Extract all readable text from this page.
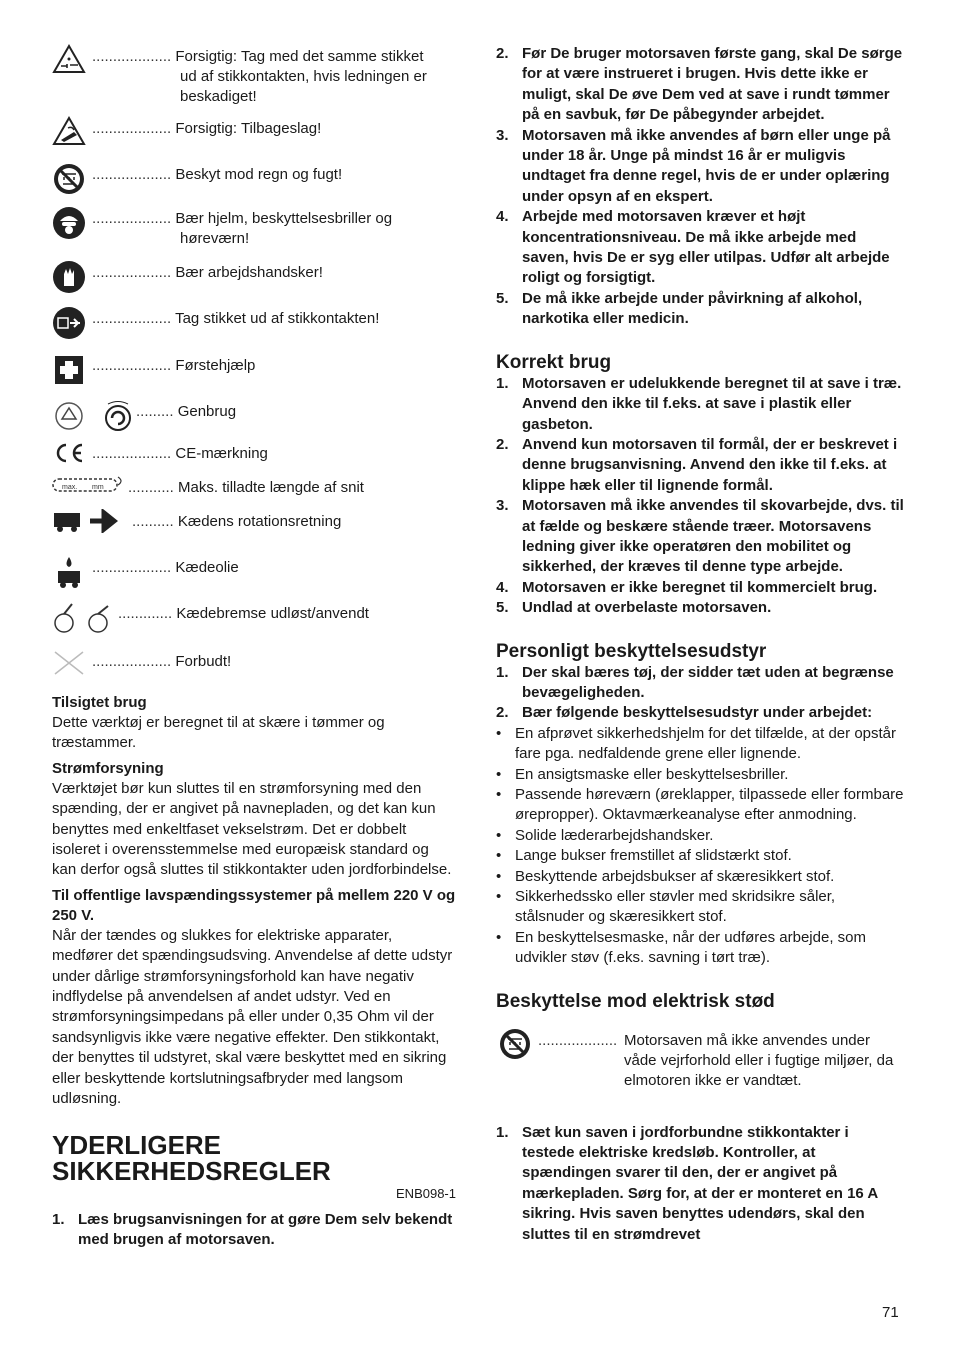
................... Forsigtig: Tag med det samme stikket
ud af stikkontakten, hvis ledningen er beskadiget!
................... Forsigtig: Tilbageslag!
................... Beskyt mod regn og fugt!
................... Bær hjelm, beskyttelsesbriller og
høreværn!
................... Bær arbejdshandsker!
................... Tag stikket ud af stikkontakten!
................... Førstehjælp
......... Genbrug
................... CE-mærkning
max. mm ........... Maks. tilladte længde af snit
.......... Kædens rotationsretning
................... Kædeolie
............. Kædebremse udløst/anvendt
................... Forbudt!

Tilsigtet brug

Dette værktøj er beregnet til at skære i tømmer og træstammer.

Strømforsyning

Værktøjet bør kun sluttes til en strømforsyning med den spænding, der er angivet på navnepladen, og det kan kun benyttes med enkeltfaset vekselstrøm. Det er dobbelt isoleret i overensstemmelse med europæisk standard og kan derfor også sluttes til stikkontakter uden jordforbindelse.

Til offentlige lavspændingssystemer på mellem 220 V og 250 V.

Når der tændes og slukkes for elektriske apparater, medfører det spændingsudsving. Anvendelse af dette udstyr under dårlige strømforsyningsforhold kan have negativ indflydelse på anvendelsen af andet udstyr. Ved en strømforsyningsimpedans på eller under 0,35 Ohm vil der sandsynligvis ikke være negative effekter. Den stikkontakt, der benyttes til udstyret, skal være beskyttet med en sikring eller beskyttende kortslutningsafbryder med langsom udløsning.

YDERLIGERE

SIKKERHEDSREGLER

ENB098-1

1. Læs brugsanvisningen for at gøre Dem selv bekendt med brugen af motorsaven.
2. Før De bruger motorsaven første gang, skal De sørge for at være instrueret i brugen. Hvis dette ikke er muligt, skal De øve Dem ved at save i rundt tømmer på en savbuk, før De påbegynder arbejdet.
3. Motorsaven må ikke anvendes af børn eller unge på under 18 år. Unge på mindst 16 år er muligvis undtaget fra denne regel, hvis de er under oplæring under opsyn af en ekspert.
4. Arbejde med motorsaven kræver et højt koncentrationsniveau. De må ikke arbejde med saven, hvis De er syg eller utilpas. Udfør alt arbejde roligt og forsigtigt.
5. De må ikke arbejde under påvirkning af alkohol, narkotika eller medicin.
Korrekt brug
1. Motorsaven er udelukkende beregnet til at save i træ. Anvend den ikke til f.eks. at save i plastik eller gasbeton.
2. Anvend kun motorsaven til formål, der er beskrevet i denne brugsanvisning. Anvend den ikke til f.eks. at klippe hæk eller til lignende formål.
3. Motorsaven må ikke anvendes til skovarbejde, dvs. til at fælde og beskære stående træer. Motorsavens ledning giver ikke operatøren den mobilitet og sikkerhed, der kræves til denne type arbejde.
4. Motorsaven er ikke beregnet til kommercielt brug.
5. Undlad at overbelaste motorsaven.
Personligt beskyttelsesudstyr
1. Der skal bæres tøj, der sidder tæt uden at begrænse bevægeligheden.
2. Bær følgende beskyttelsesudstyr under arbejdet:
• En afprøvet sikkerhedshjelm for det tilfælde, at der opstår fare pga. nedfaldende grene eller lignende.
• En ansigtsmaske eller beskyttelsesbriller.
• Passende høreværn (øreklapper, tilpassede eller formbare ørepropper). Oktavmærkeanalyse efter anmodning.
• Solide læderarbejdshandsker.
• Lange bukser fremstillet af slidstærkt stof.
• Beskyttende arbejdsbukser af skæresikkert stof.
• Sikkerhedssko eller støvler med skridsikre såler, stålsnuder og skæresikkert stof.
• En beskyttelsesmaske, når der udføres arbejde, som udvikler støv (f.eks. savning i tørt træ).
Beskyttelse mod elektrisk stød
................... Motorsaven må ikke anvendes under våde vejrforhold eller i fugtige miljøer, da elmotoren ikke er vandtæt.

1. Sæt kun saven i jordforbundne stikkontakter i testede elektriske kredsløb. Kontroller, at spændingen svarer til den, der er angivet på mærkepladen. Sørg for, at der er monteret en 16 A sikring. Hvis saven benyttes udendørs, skal den sluttes til en strømdrevet
71
